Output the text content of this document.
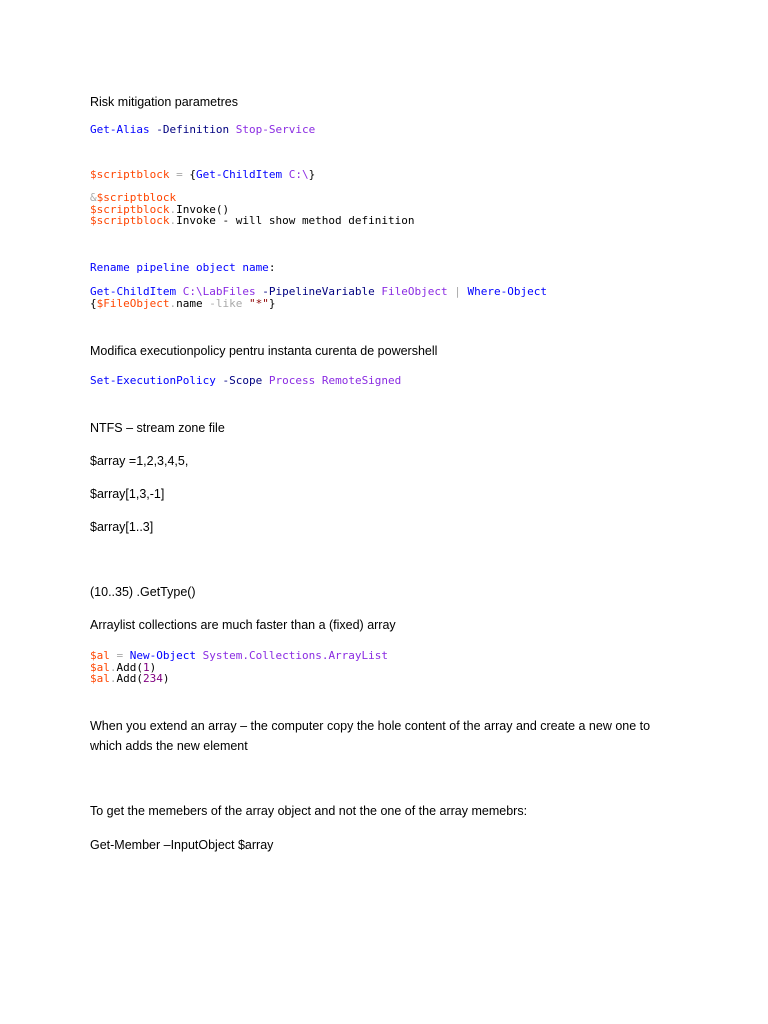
Risk mitigation parametres

Get-Alias -Definition Stop-Service
$scriptblock = {Get-ChildItem C:\}
&$scriptblock
$scriptblock.Invoke()
$scriptblock.Invoke - will show method definition
Rename pipeline object name:
Get-ChildItem C:\LabFiles -PipelineVariable FileObject | Where-Object
{$FileObject.name -like "*"}

Modifica executionpolicy pentru instanta curenta de powershell

Set-ExecutionPolicy -Scope Process RemoteSigned

NTFS – stream zone file

$array =1,2,3,4,5,

$array[1,3,-1]

$array[1..3]

(10..35) .GetType()

Arraylist collections are much faster than a (fixed) array

$al = New-Object System.Collections.ArrayList
$al.Add(1)
$al.Add(234)

When you extend an array – the computer copy the hole content of the array and create a new one to which adds the new element

To get the memebers of the array object and not the one of the array memebrs:

Get-Member –InputObject $array
